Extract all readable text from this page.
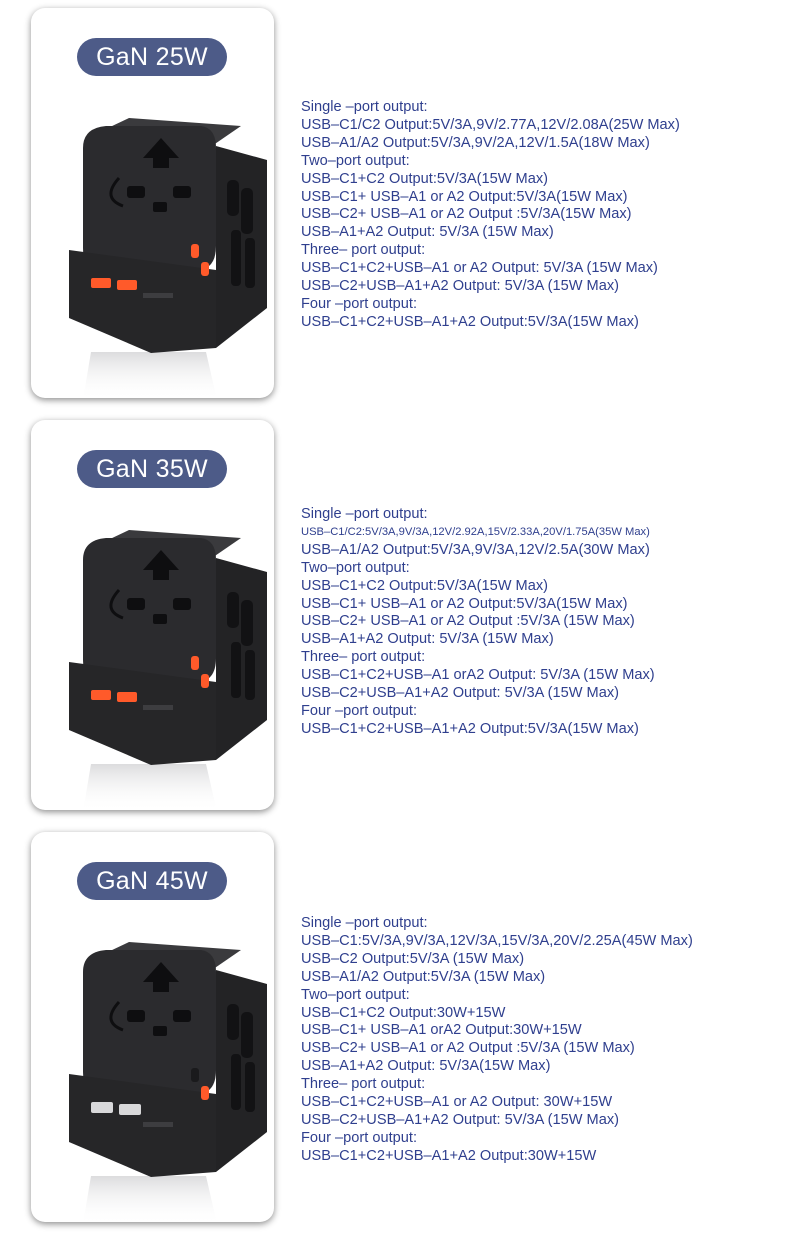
GaN 25W
Single –port output:
USB–C1/C2 Output:5V/3A,9V/2.77A,12V/2.08A(25W Max)
USB–A1/A2 Output:5V/3A,9V/2A,12V/1.5A(18W Max)
Two–port output:
USB–C1+C2 Output:5V/3A(15W Max)
USB–C1+ USB–A1 or A2 Output:5V/3A(15W Max)
USB–C2+ USB–A1 or A2 Output :5V/3A(15W Max)
USB–A1+A2 Output: 5V/3A (15W Max)
Three– port output:
USB–C1+C2+USB–A1 or A2 Output: 5V/3A (15W Max)
USB–C2+USB–A1+A2 Output: 5V/3A (15W Max)
Four –port output:
USB–C1+C2+USB–A1+A2 Output:5V/3A(15W Max)
GaN 35W
Single –port output:
USB–C1/C2:5V/3A,9V/3A,12V/2.92A,15V/2.33A,20V/1.75A(35W Max)
USB–A1/A2 Output:5V/3A,9V/3A,12V/2.5A(30W Max)
Two–port output:
USB–C1+C2 Output:5V/3A(15W Max)
USB–C1+ USB–A1 or A2 Output:5V/3A(15W Max)
USB–C2+ USB–A1 or A2 Output :5V/3A (15W Max)
USB–A1+A2 Output: 5V/3A (15W Max)
Three– port output:
USB–C1+C2+USB–A1 orA2 Output: 5V/3A (15W Max)
USB–C2+USB–A1+A2 Output: 5V/3A (15W Max)
Four –port output:
USB–C1+C2+USB–A1+A2 Output:5V/3A(15W Max)
GaN 45W
Single –port output:
USB–C1:5V/3A,9V/3A,12V/3A,15V/3A,20V/2.25A(45W Max)
USB–C2 Output:5V/3A (15W Max)
USB–A1/A2 Output:5V/3A (15W Max)
Two–port output:
USB–C1+C2 Output:30W+15W
USB–C1+ USB–A1 orA2 Output:30W+15W
USB–C2+ USB–A1 or A2 Output :5V/3A (15W Max)
USB–A1+A2 Output: 5V/3A(15W Max)
Three– port output:
USB–C1+C2+USB–A1 or A2 Output: 30W+15W
USB–C2+USB–A1+A2 Output: 5V/3A (15W Max)
Four –port output:
USB–C1+C2+USB–A1+A2 Output:30W+15W
